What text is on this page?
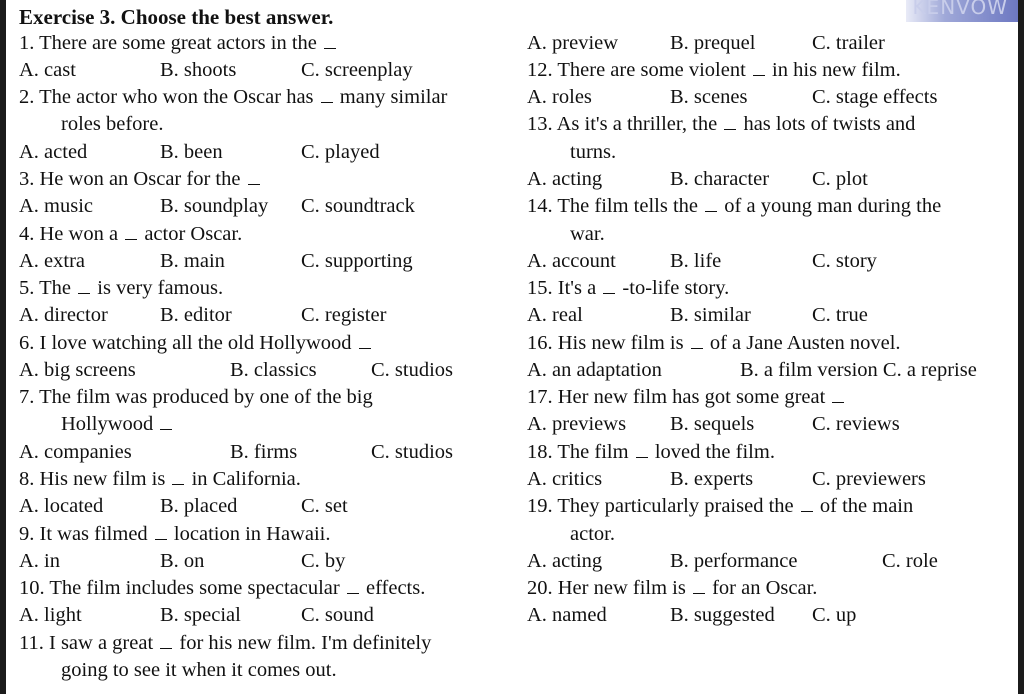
KENVOW
Exercise 3. Choose the best answer.
1. There are some great actors in the
A. cast	B. shoots	C. screenplay
2. The actor who won the Oscar has many similar
roles before.
A. acted	B. been	C. played
3. He won an Oscar for the
A. music	B. soundplay C. soundtrack
4. He won a actor Oscar.
A. extra	B. main	C. supporting
5. The is very famous.
A. director	B. editor	C. register
6. I love watching all the old Hollywood
A. big screens	B. classics	C. studios
7. The film was produced by one of the big
Hollywood
A. companies	B. firms	C. studios
8. His new film is in California.
A. located	B. placed	C. set
9. It was filmed location in Hawaii.
A. in	B. on	C. by
10. The film includes some spectacular effects.
A. light	B. special	C. sound
11. I saw a great for his new film. I'm definitely
going to see it when it comes out.
A. preview	B. prequel	C. trailer
12. There are some violent in his new film.
A. roles	B. scenes	C. stage effects
13. As it's a thriller, the has lots of twists and
turns.
A. acting	B. character C. plot
14. The film tells the of a young man during the
war.
A. account	B. life	C. story
15. It's a -to-life story.
A. real	B. similar	C. true
16. His new film is of a Jane Austen novel.
A. an adaptation	B. a film version C. a reprise
17. Her new film has got some great
A. previews B. sequels	C. reviews
18. The film loved the film.
A. critics	B. experts	C. previewers
19. They particularly praised the of the main
actor.
A. acting	B. performance	C. role
20. Her new film is for an Oscar.
A. named	B. suggested C. up
